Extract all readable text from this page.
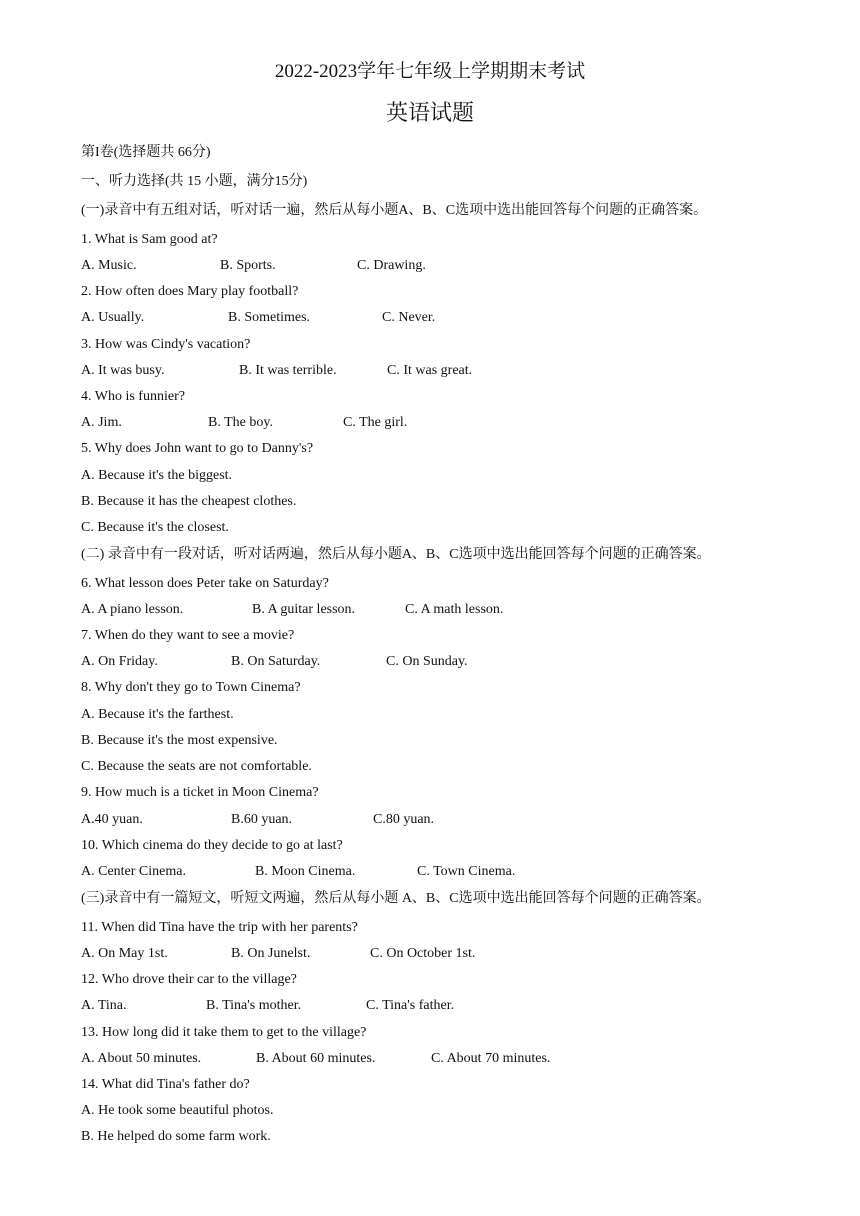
2022-2023学年七年级上学期期末考试
英语试题
第I卷(选择题共 66分)
一、听力选择(共 15 小题，满分15分)
(一)录音中有五组对话，听对话一遍，然后从每小题A、B、C选项中选出能回答每个问题的正确答案。
1. What is Sam good at?
A. Music.	B. Sports.	C. Drawing.
2. How often does Mary play football?
A. Usually.	B. Sometimes.	C. Never.
3. How was Cindy's vacation?
A. It was busy.	B. It was terrible.	C. It was great.
4. Who is funnier?
A. Jim.	B. The boy.	C. The girl.
5. Why does John want to go to Danny's?
A. Because it's the biggest.
B. Because it has the cheapest clothes.
C. Because it's the closest.
(二) 录音中有一段对话，听对话两遍，然后从每小题A、B、C选项中选出能回答每个问题的正确答案。
6. What lesson does Peter take on Saturday?
A. A piano lesson.	B. A guitar lesson.	C. A math lesson.
7. When do they want to see a movie?
A. On Friday.	B. On Saturday.	C. On Sunday.
8. Why don't they go to Town Cinema?
A. Because it's the farthest.
B. Because it's the most expensive.
C. Because the seats are not comfortable.
9. How much is a ticket in Moon Cinema?
A.40 yuan.	B.60 yuan.	C.80 yuan.
10. Which cinema do they decide to go at last?
A. Center Cinema.	B. Moon Cinema.	C. Town Cinema.
(三)录音中有一篇短文，听短文两遍，然后从每小题 A、B、C选项中选出能回答每个问题的正确答案。
11. When did Tina have the trip with her parents?
A. On May 1st.	B. On Junelst.	C. On October 1st.
12. Who drove their car to the village?
A. Tina.	B. Tina's mother.	C. Tina's father.
13. How long did it take them to get to the village?
A. About 50 minutes.	B. About 60 minutes.	C. About 70 minutes.
14. What did Tina's father do?
A. He took some beautiful photos.
B. He helped do some farm work.
